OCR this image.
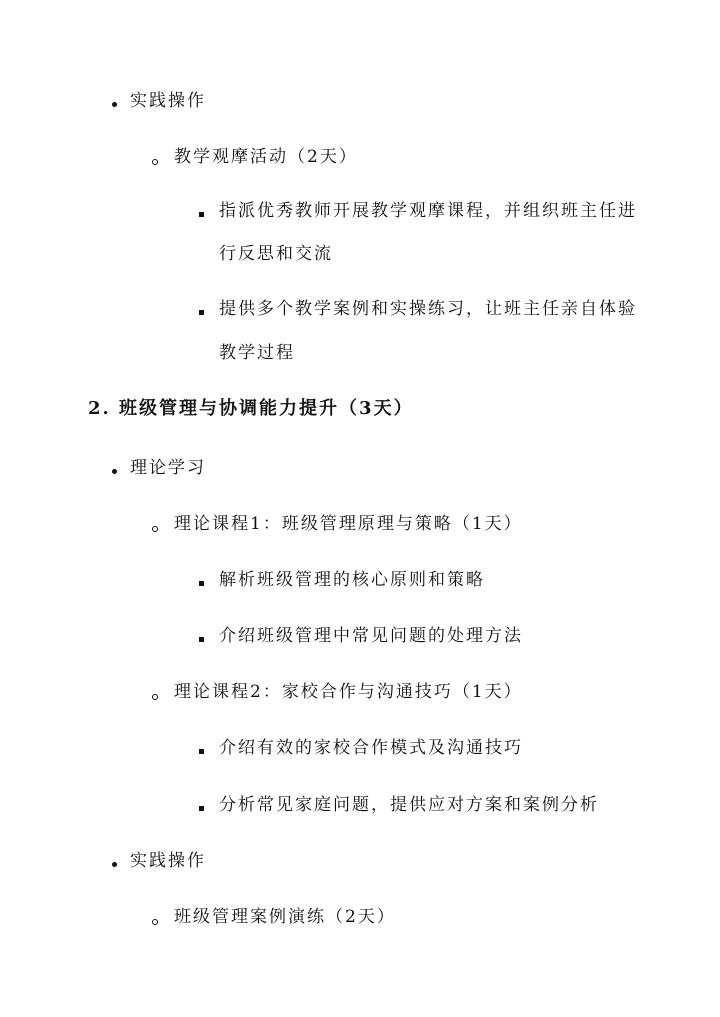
实践操作
教学观摩活动（2天）
指派优秀教师开展教学观摩课程，并组织班主任进
行反思和交流
提供多个教学案例和实操练习，让班主任亲自体验
教学过程
2. 班级管理与协调能力提升（3天）
理论学习
理论课程1：班级管理原理与策略（1天）
解析班级管理的核心原则和策略
介绍班级管理中常见问题的处理方法
理论课程2：家校合作与沟通技巧（1天）
介绍有效的家校合作模式及沟通技巧
分析常见家庭问题，提供应对方案和案例分析
实践操作
班级管理案例演练（2天）
